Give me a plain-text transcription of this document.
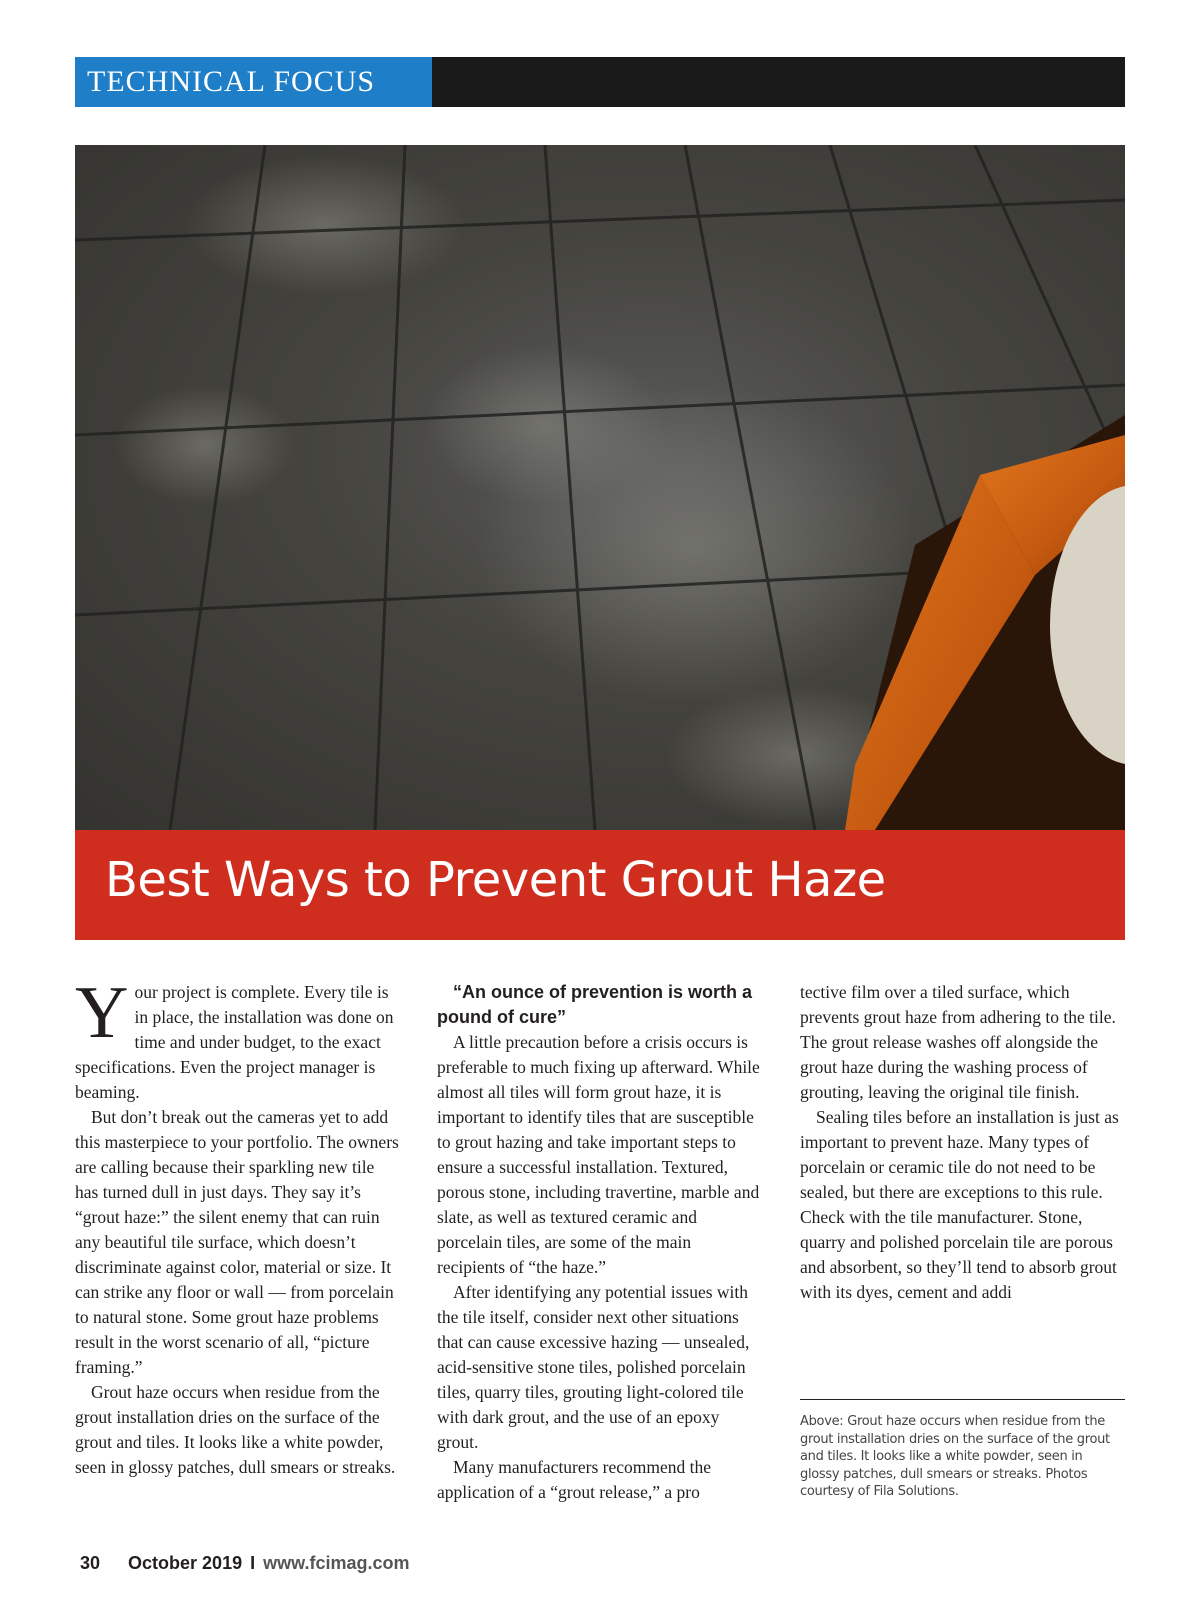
TECHNICAL FOCUS
Best Ways to Prevent Grout Haze

Your project is complete. Every tile is in place, the installation was done on time and under budget, to the exact specifications. Even the project manager is beaming.

But don’t break out the cameras yet to add this masterpiece to your portfolio. The owners are calling because their sparkling new tile has turned dull in just days. They say it’s “grout haze:” the silent enemy that can ruin any beautiful tile surface, which doesn’t discriminate against color, material or size. It can strike any floor or wall — from porcelain to natural stone. Some grout haze problems result in the worst scenario of all, “picture framing.”

Grout haze occurs when residue from the grout installation dries on the surface of the grout and tiles. It looks like a white powder, seen in glossy patches, dull smears or streaks.

“An ounce of prevention is worth a pound of cure”

A little precaution before a crisis occurs is preferable to much fixing up afterward. While almost all tiles will form grout haze, it is important to identify tiles that are susceptible to grout hazing and take important steps to ensure a successful installation. Textured, porous stone, including travertine, marble and slate, as well as textured ceramic and porcelain tiles, are some of the main recipients of “the haze.”

After identifying any potential issues with the tile itself, consider next other situations that can cause excessive hazing — unsealed, acid-sensitive stone tiles, polished porcelain tiles, quarry tiles, grouting light-colored tile with dark grout, and the use of an epoxy grout.

Many manufacturers recommend the application of a “grout release,” a pro

tective film over a tiled surface, which prevents grout haze from adhering to the tile. The grout release washes off alongside the grout haze during the washing process of grouting, leaving the original tile finish.

Sealing tiles before an installation is just as important to prevent haze. Many types of porcelain or ceramic tile do not need to be sealed, but there are exceptions to this rule. Check with the tile manufacturer. Stone, quarry and polished porcelain tile are porous and absorbent, so they’ll tend to absorb grout with its dyes, cement and addi

Above: Grout haze occurs when residue from the grout installation dries on the surface of the grout and tiles. It looks like a white powder, seen in glossy patches, dull smears or streaks. Photos courtesy of Fila Solutions.
30 October 2019 I www.fcimag.com
